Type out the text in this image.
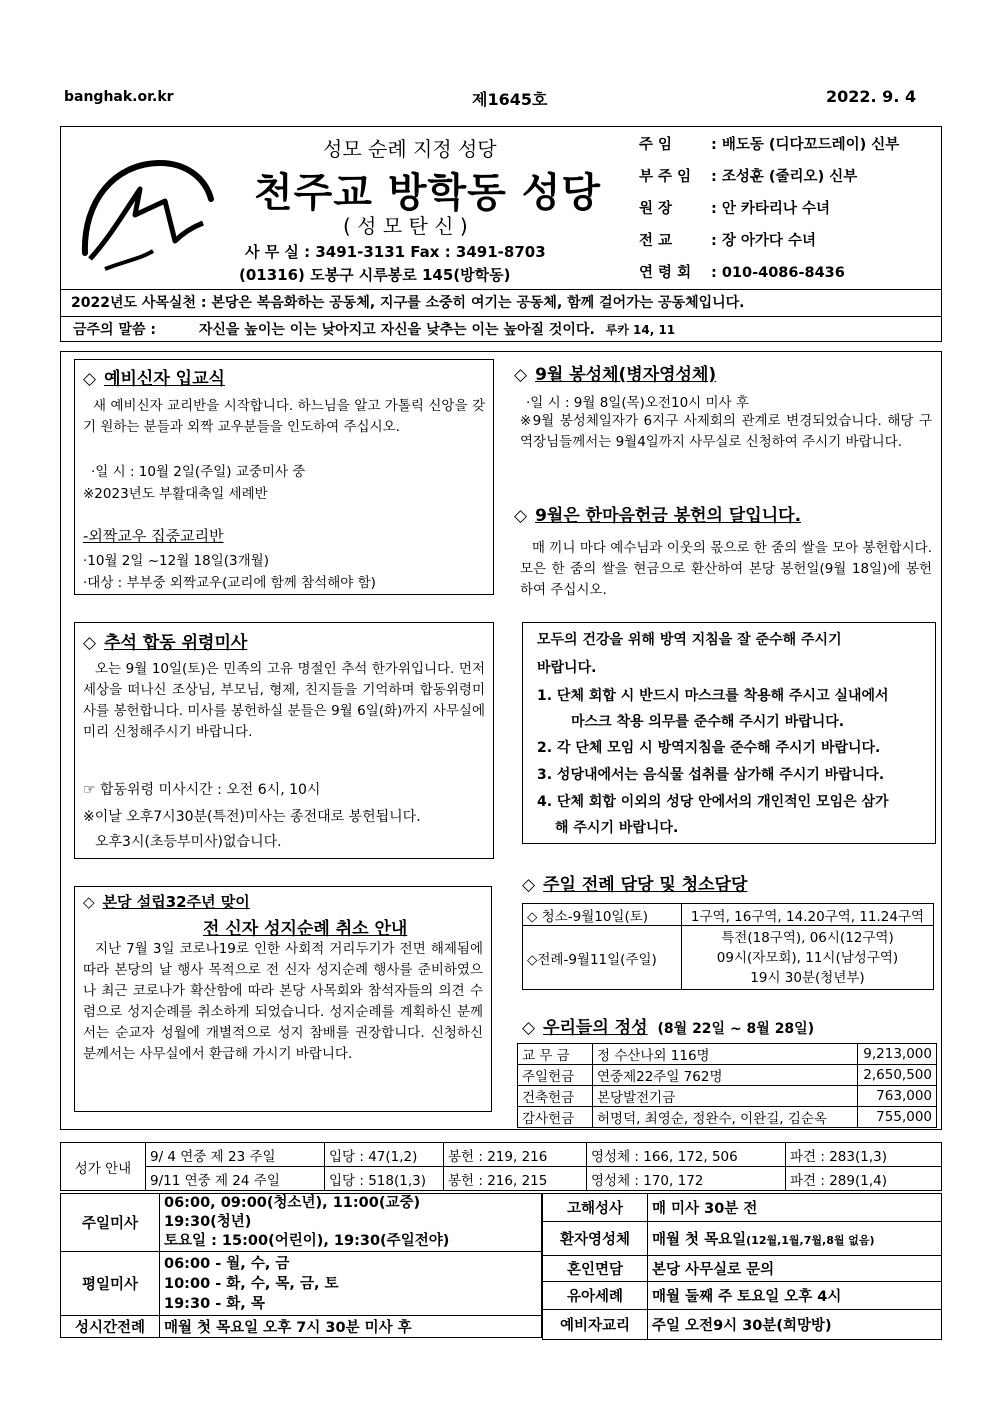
banghak.or.kr	제1645호	2022. 9. 4
성모 순례 지정 성당
천주교 방학동 성당
( 성 모 탄 신 )
사 무 실 : 3491-3131 Fax : 3491-8703
(01316) 도봉구 시루봉로 145(방학동)
주 임	: 배도동 (디다꼬드레이) 신부
부 주 임 : 조성훈 (줄리오) 신부
원 장	: 안 카타리나 수녀
전 교	: 장 아가다 수녀
연 령 회 : 010-4086-8436
2022년도 사목실천 : 본당은 복음화하는 공동체, 지구를 소중히 여기는 공동체, 함께 걸어가는 공동체입니다.
금주의 말씀 :	자신을 높이는 이는 낮아지고 자신을 낮추는 이는 높아질 것이다. 루카 14, 11
◇ 예비신자 입교식
새 예비신자 교리반을 시작합니다. 하느님을 알고 가톨릭 신앙을 갖기 원하는 분들과 외짝 교우분들을 인도하여 주십시오.
·일 시 : 10월 2일(주일) 교중미사 중
※2023년도 부활대축일 세례반
-외짝교우 집중교리반
·10월 2일 ~12월 18일(3개월)
·대상 : 부부중 외짝교우(교리에 함께 참석해야 함)
◇ 9월 봉성체(병자영성체)
·일 시 : 9월 8일(목)오전10시 미사 후
※9월 봉성체일자가 6지구 사제회의 관계로 변경되었습니다. 해당 구역장님들께서는 9월4일까지 사무실로 신청하여 주시기 바랍니다.
◇ 9월은 한마음헌금 봉헌의 달입니다.
매 끼니 마다 예수님과 이웃의 몫으로 한 줌의 쌀을 모아 봉헌합시다. 모은 한 줌의 쌀을 현금으로 환산하여 본당 봉헌일(9월 18일)에 봉헌하여 주십시오.
◇ 추석 합동 위령미사
오는 9월 10일(토)은 민족의 고유 명절인 추석 한가위입니다. 먼저 세상을 떠나신 조상님, 부모님, 형제, 친지들을 기억하며 합동위령미사를 봉헌합니다. 미사를 봉헌하실 분들은 9월 6일(화)까지 사무실에 미리 신청해주시기 바랍니다.
☞ 합동위령 미사시간 : 오전 6시, 10시
※이날 오후7시30분(특전)미사는 종전대로 봉헌됩니다.
오후3시(초등부미사)없습니다.
모두의 건강을 위해 방역 지침을 잘 준수해 주시기
바랍니다.
1. 단체 회합 시 반드시 마스크를 착용해 주시고 실내에서
마스크 착용 의무를 준수해 주시기 바랍니다.
2. 각 단체 모임 시 방역지침을 준수해 주시기 바랍니다.
3. 성당내에서는 음식물 섭취를 삼가해 주시기 바랍니다.
4. 단체 회합 이외의 성당 안에서의 개인적인 모임은 삼가
해 주시기 바랍니다.
◇ 본당 설립32주년 맞이
전 신자 성지순례 취소 안내
지난 7월 3일 코로나19로 인한 사회적 거리두기가 전면 해제됨에 따라 본당의 날 행사 목적으로 전 신자 성지순례 행사를 준비하였으나 최근 코로나가 확산함에 따라 본당 사목회와 참석자들의 의견 수렴으로 성지순례를 취소하게 되었습니다. 성지순례를 계획하신 분께서는 순교자 성월에 개별적으로 성지 참배를 권장합니다. 신청하신 분께서는 사무실에서 환급해 가시기 바랍니다.
◇ 주일 전례 담당 및 청소담당
◇ 청소-9월10일(토)	1구역, 16구역, 14.20구역, 11.24구역
◇전례-9월11일(주일)	특전(18구역), 06시(12구역)
09시(자모회), 11시(남성구역)
19시 30분(청년부)
◇ 우리들의 정성 (8월 22일 ~ 8월 28일)
교 무 금	정 수산나외 116명	9,213,000
주일헌금	연중제22주일 762명	2,650,500
건축헌금	본당발전기금	763,000
감사헌금	허명덕, 최영순, 정완수, 이완길, 김순옥	755,000
성가 안내	9/ 4 연중 제 23 주일	입당 : 47(1,2)	봉헌 : 219, 216	영성체 : 166, 172, 506	파견 : 283(1,3)
	9/11 연중 제 24 주일	입당 : 518(1,3)	봉헌 : 216, 215	영성체 : 170, 172	파견 : 289(1,4)
주일미사	06:00, 09:00(청소년), 11:00(교중)
19:30(청년)
토요일 : 15:00(어린이), 19:30(주일전야)

평일미사	06:00 - 월, 수, 금
10:00 - 화, 수, 목, 금, 토
19:30 - 화, 목

성시간전례	매월 첫 목요일 오후 7시 30분 미사 후
고해성사	매 미사 30분 전
환자영성체	매월 첫 목요일(12월,1월,7월,8월 없음)
혼인면담	본당 사무실로 문의
유아세례	매월 둘째 주 토요일 오후 4시
예비자교리	주일 오전9시 30분(희망방)
